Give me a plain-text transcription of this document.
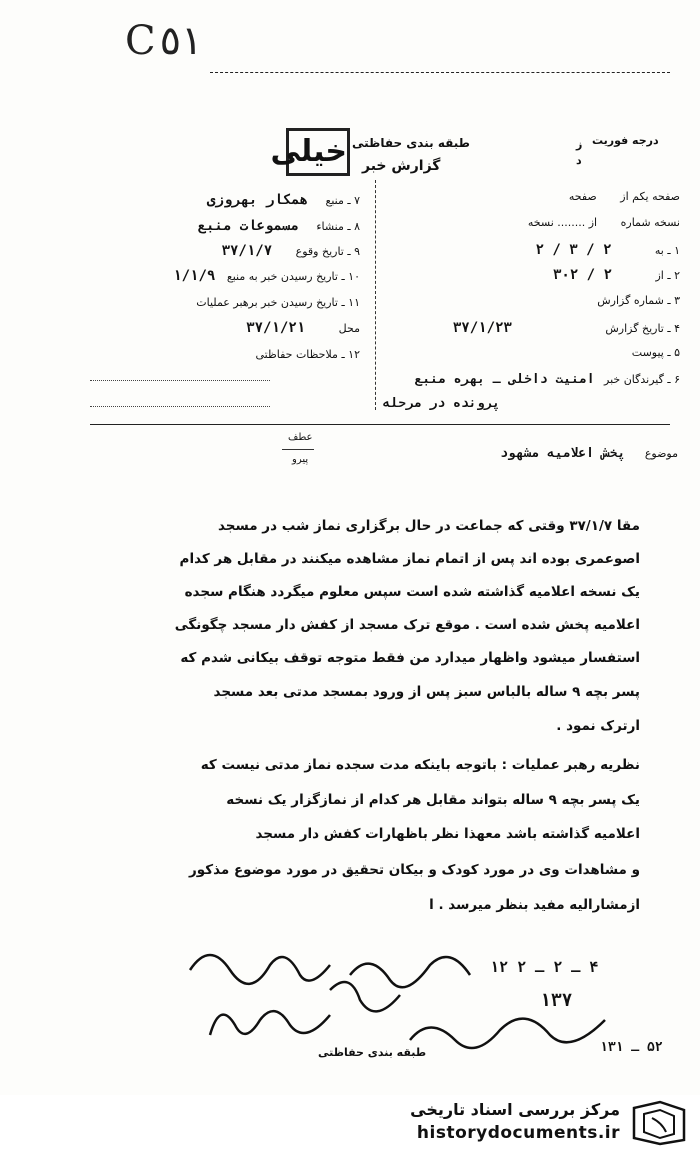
C٥١
خیلی طبقه بندی حفاظتی
گزارش خبر
درجه فوریت
ز
د
صفحه یکم از صفحه
نسخه شماره از ........ نسخه
۱ ـ به ۲ / ۳ / ۲
۲ ـ از ۲ / ۳۰۲
۳ ـ شماره گزارش
۴ ـ تاریخ گزارش ۳۷/۱/۲۳
۵ ـ پیوست
۶ ـ گیرندگان خبر امنیت داخلی ـ بهره منبع
پرونده در مرحله
۷ ـ منبع همکار بهروزی
۸ ـ منشاء مسموعات منبع
۹ ـ تاریخ وقوع ۳۷/۱/۷
۱۰ ـ تاریخ رسیدن خبر به منبع ۱/۱/۹
۱۱ ـ تاریخ رسیدن خبر برهبر عملیات
محل ۳۷/۱/۲۱
۱۲ ـ ملاحظات حفاظتی
عطف
پیرو	موضوع پخش اعلامیه مشهود
مقا ۳۷/۱/۷ وقتی که جماعت در حال برگزاری نماز شب در مسجد
اصوعمری بوده اند پس از اتمام نماز مشاهده میکنند در مقابل هر کدام
یک نسخه اعلامیه گذاشته شده است سپس معلوم میگردد هنگام سجده
اعلامیه پخش شده است . موقع ترک مسجد از کفش دار مسجد چگونگی
استفسار میشود واظهار میدارد من فقط متوجه توقف بیکانی شدم که
پسر بچه ۹ ساله بالباس سبز پس از ورود بمسجد مدتی بعد مسجد
ارترک نمود .
نظریه رهبر عملیات : باتوجه باینکه مدت سجده نماز مدتی نیست که
یک پسر بچه ۹ ساله بتواند مقابل هر کدام از نمازگزار یک نسخه
اعلامیه گذاشته باشد معهذا نظر باظهارات کفش دار مسجد
و مشاهدات وی در مورد کودک و بیکان تحقیق در مورد موضوع مذکور
ازمشارالیه مفید بنظر میرسد . ا
۴ ـ ۲ ـ ۲ ۱۲
۱۳۷
۵۲ ـ ۱۳۱
طبقه بندی حفاظتی
مرکز بررسی اسناد تاریخی
historydocuments.ir
